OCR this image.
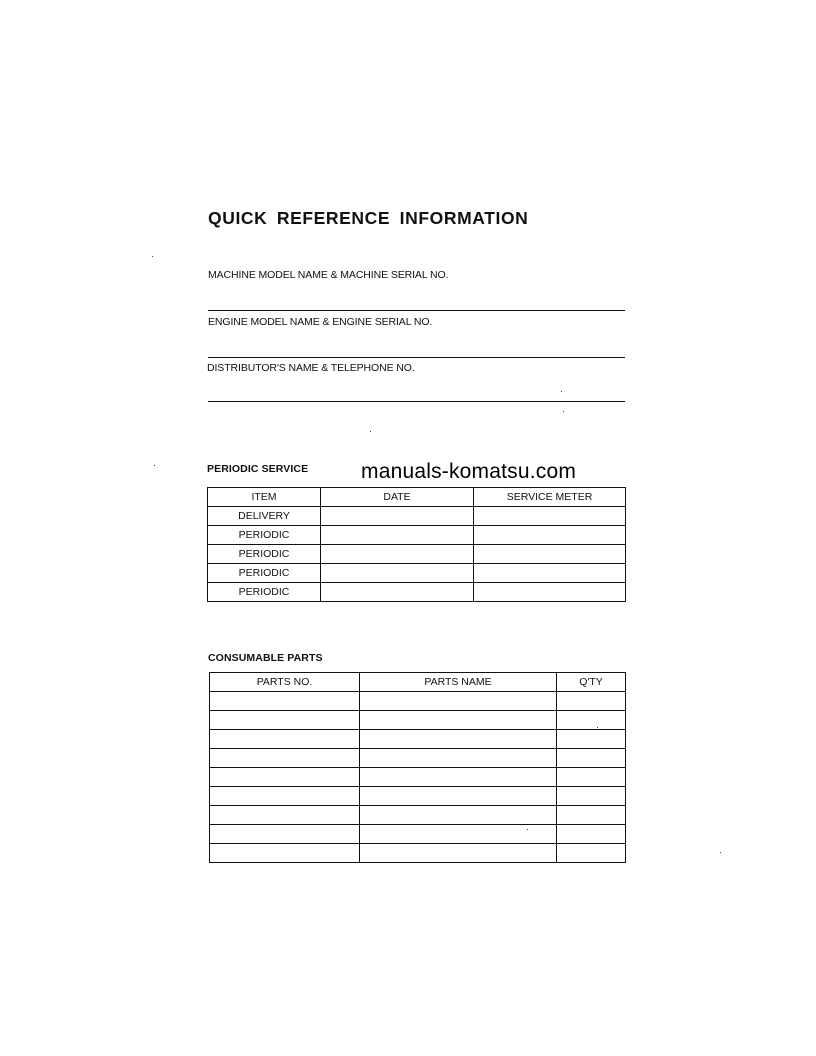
QUICK REFERENCE INFORMATION
MACHINE MODEL NAME & MACHINE SERIAL NO.
ENGINE MODEL NAME & ENGINE SERIAL NO.
DISTRIBUTOR'S NAME & TELEPHONE NO.
PERIODIC SERVICE	manuals-komatsu.com
ITEM	DATE	SERVICE METER
DELIVERY		
PERIODIC		
PERIODIC		
PERIODIC		
PERIODIC		
CONSUMABLE PARTS
PARTS NO.	PARTS NAME	Q'TY
